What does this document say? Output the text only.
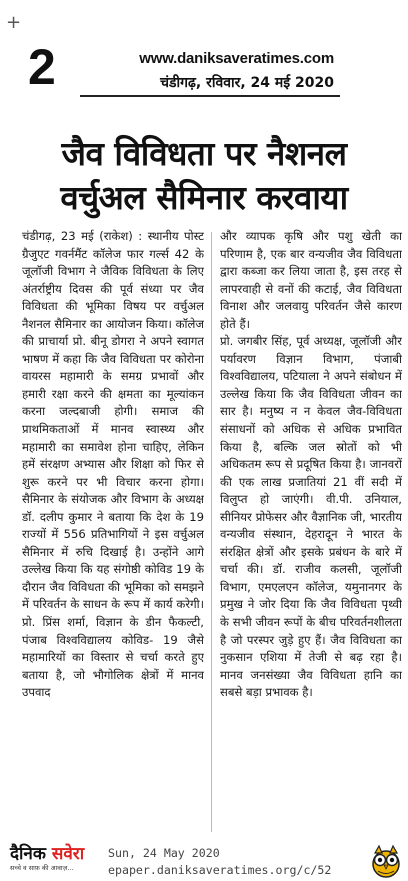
+
2	www.daniksaveratimes.com
चंडीगढ़, रविवार, 24 मई 2020
जैव विविधता पर नैशनल
वर्चुअल सैमिनार करवाया
चंडीगढ़, 23 मई (राकेश) : स्थानीय पोस्ट ग्रैजुएट गवर्नमैंट कॉलेज फार गर्ल्स 42 के जूलॉजी विभाग ने जैविक विविधता के लिए अंतर्राष्ट्रीय दिवस की पूर्व संध्या पर जैव विविधता की भूमिका विषय पर वर्चुअल नैशनल सैमिनार का आयोजन किया। कॉलेज की प्राचार्या प्रो. बीनू डोगरा ने अपने स्वागत भाषण में कहा कि जैव विविधता पर कोरोना वायरस महामारी के समग्र प्रभावों और हमारी रक्षा करने की क्षमता का मूल्यांकन करना जल्दबाजी होगी। समाज की प्राथमिकताओं में मानव स्वास्थ्य और महामारी का समावेश होना चाहिए, लेकिन हमें संरक्षण अभ्यास और शिक्षा को फिर से शुरू करने पर भी विचार करना होगा। सैमिनार के संयोजक और विभाग के अध्यक्ष डॉ. दलीप कुमार ने बताया कि देश के 19 राज्यों में 556 प्रतिभागियों ने इस वर्चुअल सैमिनार में रुचि दिखाई है। उन्होंने आगे उल्लेख किया कि यह संगोष्ठी कोविड 19 के दौरान जैव विविधता की भूमिका को समझने में परिवर्तन के साधन के रूप में कार्य करेगी। प्रो. प्रिंस शर्मा, विज्ञान के डीन फैकल्टी, पंजाब विश्वविद्यालय कोविड- 19 जैसे महामारियों का विस्तार से चर्चा करते हुए बताया है, जो भौगोलिक क्षेत्रों में मानव उपवाद
और व्यापक कृषि और पशु खेती का परिणाम है, एक बार वन्यजीव जैव विविधता द्वारा कब्जा कर लिया जाता है, इस तरह से लापरवाही से वनों की कटाई, जैव विविधता विनाश और जलवायु परिवर्तन जैसे कारण होते हैं।
प्रो. जगबीर सिंह, पूर्व अध्यक्ष, जूलॉजी और पर्यावरण विज्ञान विभाग, पंजाबी विश्वविद्यालय, पटियाला ने अपने संबोधन में उल्लेख किया कि जैव विविधता जीवन का सार है। मनुष्य न न केवल जैव-विविधता संसाधनों को अधिक से अधिक प्रभावित किया है, बल्कि जल स्रोतों को भी अधिकतम रूप से प्रदूषित किया है। जानवरों की एक लाख प्रजातियां 21 वीं सदी में विलुप्त हो जाएंगी। वी.पी. उनियाल, सीनियर प्रोफेसर और वैज्ञानिक जी, भारतीय वन्यजीव संस्थान, देहरादून ने भारत के संरक्षित क्षेत्रों और इसके प्रबंधन के बारे में चर्चा की। डॉ. राजीव कलसी, जूलॉजी विभाग, एमएलएन कॉलेज, यमुनानगर के प्रमुख ने जोर दिया कि जैव विविधता पृथ्वी के सभी जीवन रूपों के बीच परिवर्तनशीलता है जो परस्पर जुड़े हुए हैं। जैव विविधता का नुकसान एशिया में तेजी से बढ़ रहा है। मानव जनसंख्या जैव विविधता हानि का सबसे बड़ा प्रभावक है।
दैनिक सवेरा
सच्चे व साफ़ की आवाज़...
Sun, 24 May 2020
epaper.daniksaveratimes.org/c/52
